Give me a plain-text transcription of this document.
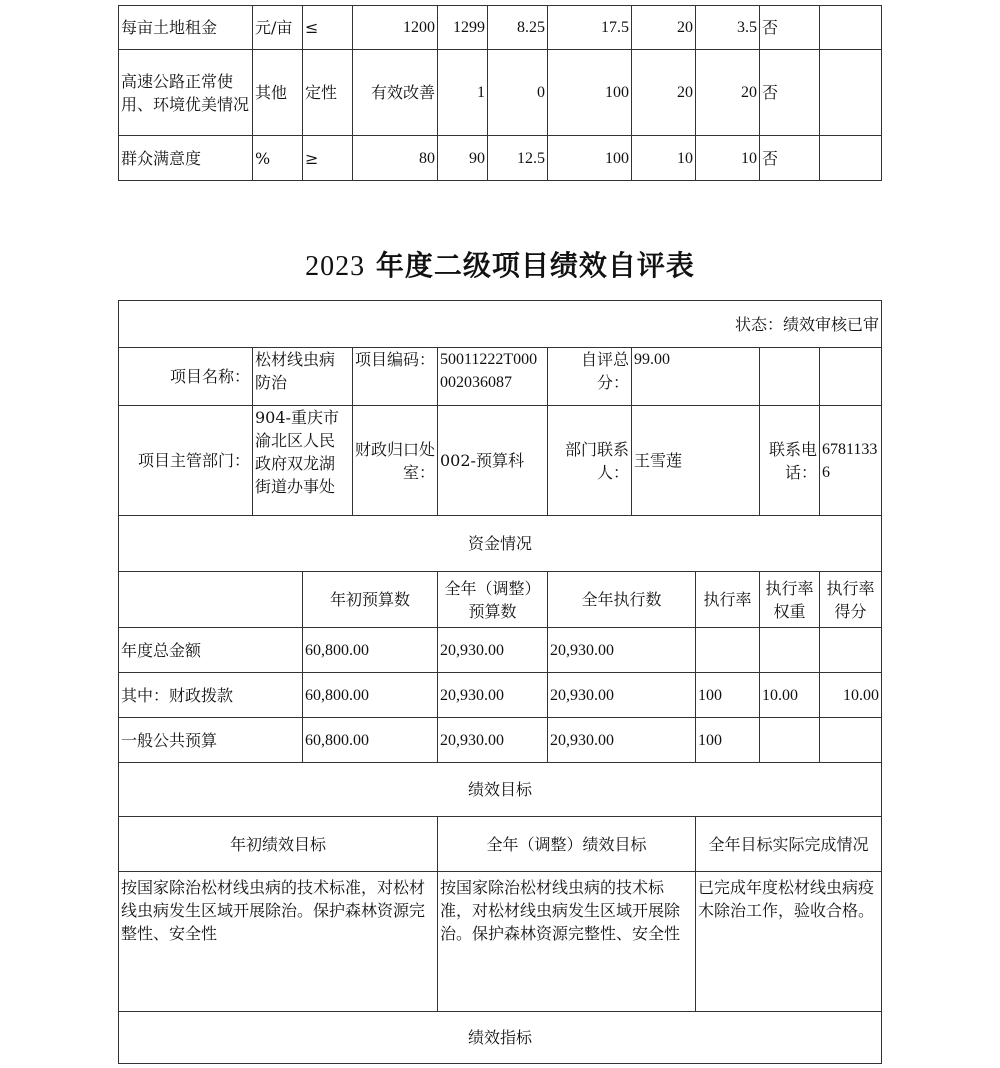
每亩土地租金	元/亩	≤	1200	1299	8.25	17.5	20	3.5	否	
高速公路正常使用、环境优美情况	其他	定性	有效改善	1	0	100	20	20	否	
群众满意度	%	≥	80	90	12.5	100	10	10	否	
2023 年度二级项目绩效自评表
状态：绩效审核已审									
项目名称：	松材线虫病防治		项目编码：	50011222T000002036087	自评总分：	99.00			
项目主管部门：	904-重庆市渝北区人民政府双龙湖街道办事处		财政归口处室：	002-预算科	部门联系人：	王雪莲		联系电话：	67811336
资金情况									
		年初预算数		全年（调整）预算数	全年执行数		执行率	执行率权重	执行率得分
年度总金额		60,800.00		20,930.00	20,930.00				
其中：财政拨款		60,800.00		20,930.00	20,930.00		100	10.00	10.00
一般公共预算		60,800.00		20,930.00	20,930.00		100		
绩效目标									
年初绩效目标				全年（调整）绩效目标			全年目标实际完成情况		
按国家除治松材线虫病的技术标准，对松材线虫病发生区域开展除治。保护森林资源完整性、安全性				按国家除治松材线虫病的技术标准，对松材线虫病发生区域开展除治。保护森林资源完整性、安全性			已完成年度松材线虫病疫木除治工作，验收合格。		
绩效指标									
